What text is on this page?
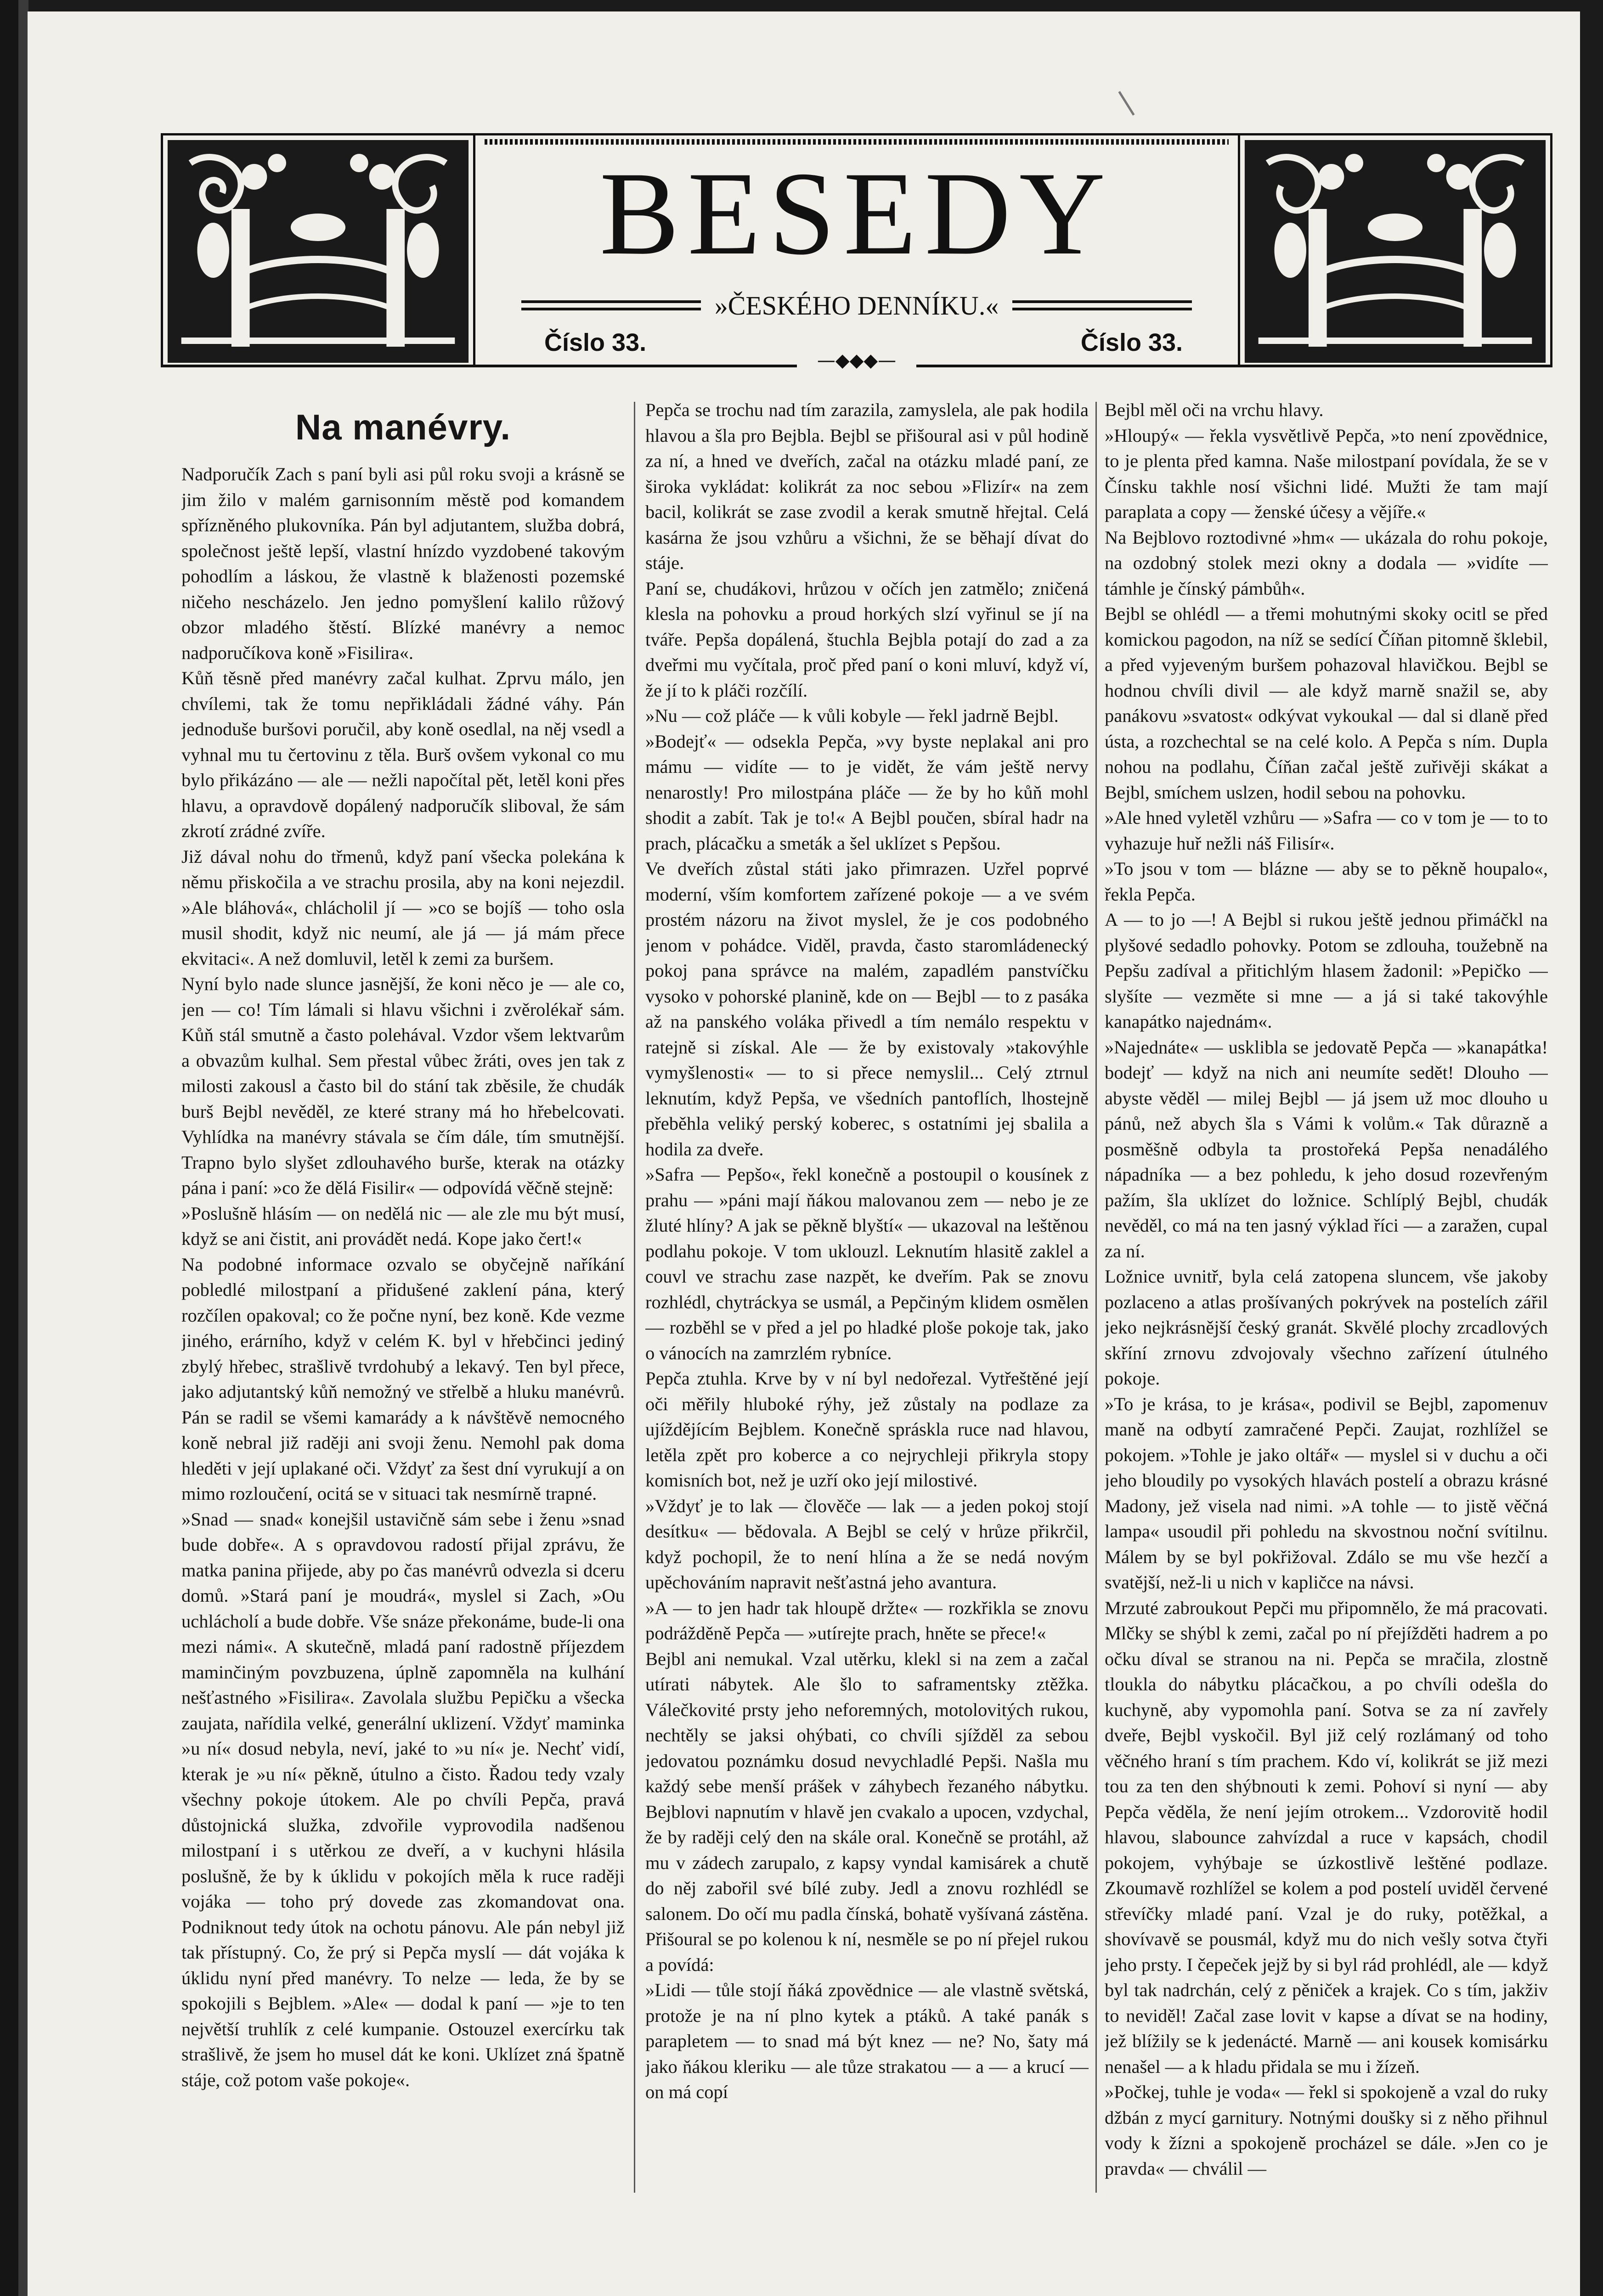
BESEDY
»ČESKÉHO DENNÍKU.«
Číslo 33.	Číslo 33.
—◆◆◆—
Na manévry.

Nadporučík Zach s paní byli asi půl roku svoji a krásně se jim žilo v malém garnisonním městě pod komandem spřízněného plukovníka. Pán byl adjutantem, služba dobrá, společnost ještě lepší, vlastní hnízdo vyzdobené takovým pohodlím a láskou, že vlastně k blaženosti pozemské ničeho nescházelo. Jen jedno pomyšlení kalilo růžový obzor mladého štěstí. Blízké manévry a nemoc nadporučíkova koně »Fisilira«.

Kůň těsně před manévry začal kulhat. Zprvu málo, jen chvílemi, tak že tomu nepřikládali žádné váhy. Pán jednoduše buršovi poručil, aby koně osedlal, na něj vsedl a vyhnal mu tu čertovinu z těla. Burš ovšem vykonal co mu bylo přikázáno — ale — nežli napočítal pět, letěl koni přes hlavu, a opravdově dopálený nadporučík sliboval, že sám zkrotí zrádné zvíře.

Již dával nohu do třmenů, když paní všecka polekána k němu přiskočila a ve strachu prosila, aby na koni nejezdil. »Ale bláhová«, chlácholil jí — »co se bojíš — toho osla musil shodit, když nic neumí, ale já — já mám přece ekvitaci«. A než domluvil, letěl k zemi za buršem.

Nyní bylo nade slunce jasnější, že koni něco je — ale co, jen — co! Tím lámali si hlavu všichni i zvěrolékař sám. Kůň stál smutně a často polehával. Vzdor všem lektvarům a obvazům kulhal. Sem přestal vůbec žráti, oves jen tak z milosti zakousl a často bil do stání tak zběsile, že chudák burš Bejbl nevěděl, ze které strany má ho hřebelcovati. Vyhlídka na manévry stávala se čím dále, tím smutnější. Trapno bylo slyšet zdlouhavého burše, kterak na otázky pána i paní: »co že dělá Fisilir« — odpovídá věčně stejně:

»Poslušně hlásím — on nedělá nic — ale zle mu být musí, když se ani čistit, ani provádět nedá. Kope jako čert!«

Na podobné informace ozvalo se obyčejně naříkání pobledlé milostpaní a přidušené zaklení pána, který rozčílen opakoval; co že počne nyní, bez koně. Kde vezme jiného, erárního, když v celém K. byl v hřebčinci jediný zbylý hřebec, strašlivě tvrdohubý a lekavý. Ten byl přece, jako adjutantský kůň nemožný ve střelbě a hluku manévrů. Pán se radil se všemi kamarády a k návštěvě nemocného koně nebral již raději ani svoji ženu. Nemohl pak doma hleděti v její uplakané oči. Vždyť za šest dní vyrukují a on mimo rozloučení, ocitá se v situaci tak nesmírně trapné.

»Snad — snad« konejšil ustavičně sám sebe i ženu »snad bude dobře«. A s opravdovou radostí přijal zprávu, že matka panina přijede, aby po čas manévrů odvezla si dceru domů. »Stará paní je moudrá«, myslel si Zach, »Ou uchlácholí a bude dobře. Vše snáze překonáme, bude-li ona mezi námi«. A skutečně, mladá paní radostně příjezdem maminčiným povzbuzena, úplně zapomněla na kulhání nešťastného »Fisilira«. Zavolala službu Pepičku a všecka zaujata, nařídila velké, generální uklizení. Vždyť maminka »u ní« dosud nebyla, neví, jaké to »u ní« je. Nechť vidí, kterak je »u ní« pěkně, útulno a čisto. Řadou tedy vzaly všechny pokoje útokem. Ale po chvíli Pepča, pravá důstojnická služka, zdvořile vyprovodila nadšenou milostpaní i s utěrkou ze dveří, a v kuchyni hlásila poslušně, že by k úklidu v pokojích měla k ruce raději vojáka — toho prý dovede zas zkomandovat ona. Podniknout tedy útok na ochotu pánovu. Ale pán nebyl již tak přístupný. Co, že prý si Pepča myslí — dát vojáka k úklidu nyní před manévry. To nelze — leda, že by se spokojili s Bejblem. »Ale« — dodal k paní — »je to ten největší truhlík z celé kumpanie. Ostouzel exercírku tak strašlivě, že jsem ho musel dát ke koni. Uklízet zná špatně stáje, což potom vaše pokoje«.

Pepča se trochu nad tím zarazila, zamyslela, ale pak hodila hlavou a šla pro Bejbla. Bejbl se přišoural asi v půl hodině za ní, a hned ve dveřích, začal na otázku mladé paní, ze široka vykládat: kolikrát za noc sebou »Flizír« na zem bacil, kolikrát se zase zvodil a kerak smutně hřejtal. Celá kasárna že jsou vzhůru a všichni, že se běhají dívat do stáje.

Paní se, chudákovi, hrůzou v očích jen zatmělo; zničená klesla na pohovku a proud horkých slzí vyřinul se jí na tváře. Pepša dopálená, štuchla Bejbla potají do zad a za dveřmi mu vyčítala, proč před paní o koni mluví, když ví, že jí to k pláči rozčílí.

»Nu — což pláče — k vůli kobyle — řekl jadrně Bejbl.

»Bodejť« — odsekla Pepča, »vy byste neplakal ani pro mámu — vidíte — to je vidět, že vám ještě nervy nenarostly! Pro milostpána pláče — že by ho kůň mohl shodit a zabít. Tak je to!« A Bejbl poučen, sbíral hadr na prach, plácačku a smeták a šel uklízet s Pepšou.

Ve dveřích zůstal státi jako přimrazen. Uzřel poprvé moderní, vším komfortem zařízené pokoje — a ve svém prostém názoru na život myslel, že je cos podobného jenom v pohádce. Viděl, pravda, často staromládenecký pokoj pana správce na malém, zapadlém panstvíčku vysoko v pohorské planině, kde on — Bejbl — to z pasáka až na panského voláka přivedl a tím nemálo respektu v ratejně si získal. Ale — že by existovaly »takovýhle vymyšlenosti« — to si přece nemyslil... Celý ztrnul leknutím, když Pepša, ve všedních pantoflích, lhostejně přeběhla veliký perský koberec, s ostatními jej sbalila a hodila za dveře.

»Safra — Pepšo«, řekl konečně a postoupil o kousínek z prahu — »páni mají ňákou malovanou zem — nebo je ze žluté hlíny? A jak se pěkně blyští« — ukazoval na leštěnou podlahu pokoje. V tom uklouzl. Leknutím hlasitě zaklel a couvl ve strachu zase nazpět, ke dveřím. Pak se znovu rozhlédl, chytráckya se usmál, a Pepčiným klidem osmělen — rozběhl se v před a jel po hladké ploše pokoje tak, jako o vánocích na zamrzlém rybníce.

Pepča ztuhla. Krve by v ní byl nedořezal. Vytřeštěné její oči měřily hluboké rýhy, jež zůstaly na podlaze za ujíždějícím Bejblem. Konečně spráskla ruce nad hlavou, letěla zpět pro koberce a co nejrychleji přikryla stopy komisních bot, než je uzří oko její milostivé.

»Vždyť je to lak — člověče — lak — a jeden pokoj stojí desítku« — bědovala. A Bejbl se celý v hrůze přikrčil, když pochopil, že to není hlína a že se nedá novým upěchováním napravit nešťastná jeho avantura.

»A — to jen hadr tak hloupě držte« — rozkřikla se znovu podrážděně Pepča — »utírejte prach, hněte se přece!«

Bejbl ani nemukal. Vzal utěrku, klekl si na zem a začal utírati nábytek. Ale šlo to saframentsky ztěžka. Válečkovité prsty jeho neforemných, motolovitých rukou, nechtěly se jaksi ohýbati, co chvíli sjížděl za sebou jedovatou poznámku dosud nevychladlé Pepši. Našla mu každý sebe menší prášek v záhybech řezaného nábytku. Bejblovi napnutím v hlavě jen cvakalo a upocen, vzdychal, že by raději celý den na skále oral. Konečně se protáhl, až mu v zádech zarupalo, z kapsy vyndal kamisárek a chutě do něj zabořil své bílé zuby. Jedl a znovu rozhlédl se salonem. Do očí mu padla čínská, bohatě vyšívaná zástěna. Přišoural se po kolenou k ní, nesměle se po ní přejel rukou a povídá:

»Lidi — tůle stojí ňáká zpovědnice — ale vlastně světská, protože je na ní plno kytek a ptáků. A také panák s parapletem — to snad má být knez — ne? No, šaty má jako ňákou kleriku — ale tůze strakatou — a — a krucí — on má copí

Bejbl měl oči na vrchu hlavy.

»Hloupý« — řekla vysvětlivě Pepča, »to není zpovědnice, to je plenta před kamna. Naše milostpaní povídala, že se v Čínsku takhle nosí všichni lidé. Mužti že tam mají paraplata a copy — ženské účesy a vějíře.«

Na Bejblovo roztodivné »hm« — ukázala do rohu pokoje, na ozdobný stolek mezi okny a dodala — »vidíte — támhle je čínský pámbůh«.

Bejbl se ohlédl — a třemi mohutnými skoky ocitl se před komickou pagodon, na níž se sedící Číňan pitomně šklebil, a před vyjeveným buršem pohazoval hlavičkou. Bejbl se hodnou chvíli divil — ale když marně snažil se, aby panákovu »svatost« odkývat vykoukal — dal si dlaně před ústa, a rozchechtal se na celé kolo. A Pepča s ním. Dupla nohou na podlahu, Číňan začal ještě zuřivěji skákat a Bejbl, smíchem uslzen, hodil sebou na pohovku.

»Ale hned vyletěl vzhůru — »Safra — co v tom je — to to vyhazuje huř nežli náš Filisír«.

»To jsou v tom — blázne — aby se to pěkně houpalo«, řekla Pepča.

A — to jo —! A Bejbl si rukou ještě jednou přimáčkl na plyšové sedadlo pohovky. Potom se zdlouha, toužebně na Pepšu zadíval a přitichlým hlasem žadonil: »Pepičko — slyšíte — vezměte si mne — a já si také takovýhle kanapátko najednám«.

»Najednáte« — usklibla se jedovatě Pepča — »kanapátka! bodejť — když na nich ani neumíte sedět! Dlouho — abyste věděl — milej Bejbl — já jsem už moc dlouho u pánů, než abych šla s Vámi k volům.« Tak důrazně a posměšně odbyla ta prostořeká Pepša nenadálého nápadníka — a bez pohledu, k jeho dosud rozevřeným pažím, šla uklízet do ložnice. Schlíplý Bejbl, chudák nevěděl, co má na ten jasný výklad říci — a zaražen, cupal za ní.

Ložnice uvnitř, byla celá zatopena sluncem, vše jakoby pozlaceno a atlas prošívaných pokrývek na postelích zářil jeko nejkrásnější český granát. Skvělé plochy zrcadlových skříní zrnovu zdvojovaly všechno zařízení útulného pokoje.

»To je krása, to je krása«, podivil se Bejbl, zapomenuv maně na odbytí zamračené Pepči. Zaujat, rozhlížel se pokojem. »Tohle je jako oltář« — myslel si v duchu a oči jeho bloudily po vysokých hlavách postelí a obrazu krásné Madony, jež visela nad nimi. »A tohle — to jistě věčná lampa« usoudil při pohledu na skvostnou noční svítilnu. Málem by se byl pokřižoval. Zdálo se mu vše hezčí a svatější, než-li u nich v kapličce na návsi.

Mrzuté zabroukout Pepči mu připomnělo, že má pracovati. Mlčky se shýbl k zemi, začal po ní přejížděti hadrem a po očku díval se stranou na ni. Pepča se mračila, zlostně tloukla do nábytku plácačkou, a po chvíli odešla do kuchyně, aby vypomohla paní. Sotva se za ní zavřely dveře, Bejbl vyskočil. Byl již celý rozlámaný od toho věčného hraní s tím prachem. Kdo ví, kolikrát se již mezi tou za ten den shýbnouti k zemi. Pohoví si nyní — aby Pepča věděla, že není jejím otrokem... Vzdorovitě hodil hlavou, slabounce zahvízdal a ruce v kapsách, chodil pokojem, vyhýbaje se úzkostlivě leštěné podlaze. Zkoumavě rozhlížel se kolem a pod postelí uviděl červené střevíčky mladé paní. Vzal je do ruky, potěžkal, a shovívavě se pousmál, když mu do nich vešly sotva čtyři jeho prsty. I čepeček jejž by si byl rád prohlédl, ale — když byl tak nadrchán, celý z pěniček a krajek. Co s tím, jakživ to neviděl! Začal zase lovit v kapse a dívat se na hodiny, jež blížily se k jedenácté. Marně — ani kousek komisárku nenašel — a k hladu přidala se mu i žízeň.

»Počkej, tuhle je voda« — řekl si spokojeně a vzal do ruky džbán z mycí garnitury. Notnými doušky si z něho přihnul vody k žízni a spokojeně procházel se dále. »Jen co je pravda« — chválil —
